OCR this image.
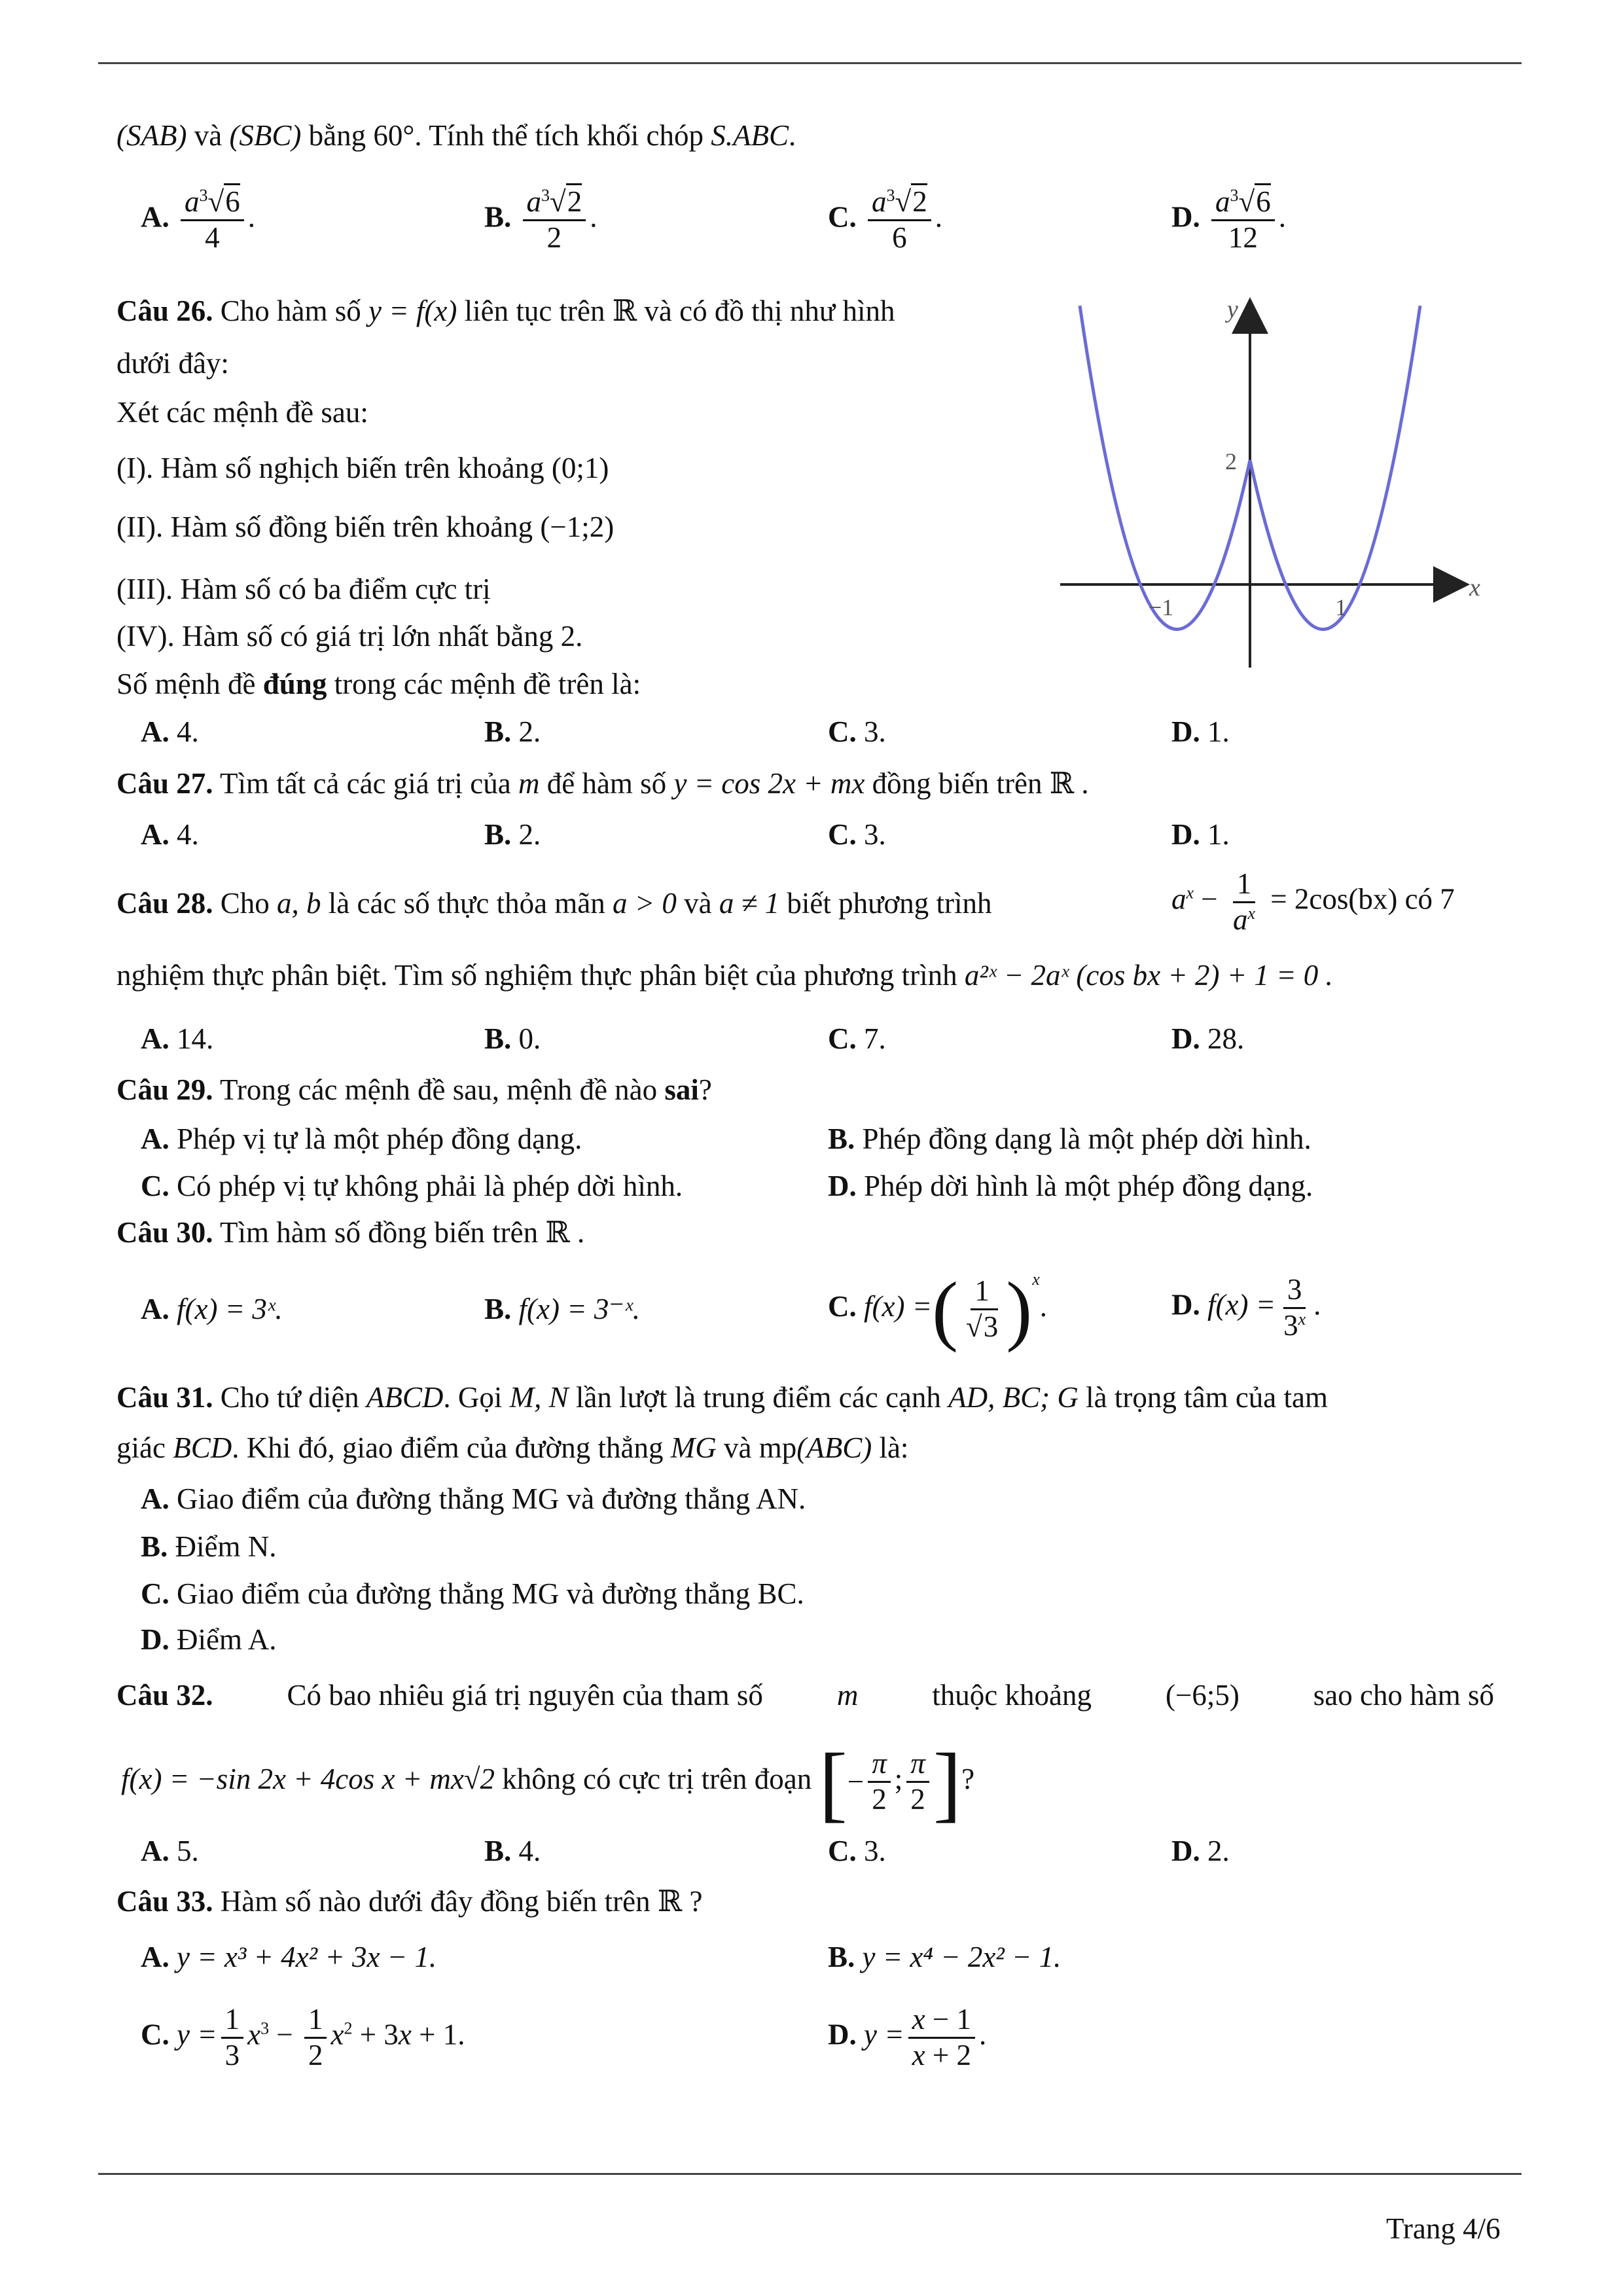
(SAB) và (SBC) bằng 60°. Tính thể tích khối chóp S.ABC.
A. $\frac{a^3√6}{4}$ .	B. $\frac{a^3√2}{2}$ .	C. $\frac{a^3√2}{6}$ .	D. $\frac{a^3√6}{12}$ .
Câu 26. Cho hàm số y = f(x) liên tục trên ℝ và có đồ thị như hình
dưới đây:
Xét các mệnh đề sau:
(I). Hàm số nghịch biến trên khoảng (0;1)
(II). Hàm số đồng biến trên khoảng (−1;2)
(III). Hàm số có ba điểm cực trị
(IV). Hàm số có giá trị lớn nhất bằng 2.
Số mệnh đề đúng trong các mệnh đề trên là:
y
x
2
−1	1
A. 4.	B. 2.	C. 3.	D. 1.
Câu 27. Tìm tất cả các giá trị của m để hàm số y = cos 2x + mx đồng biến trên ℝ .
A. 4.	B. 2.	C. 3.	D. 1.
Câu 28. Cho a, b là các số thực thỏa mãn a > 0 và a ≠ 1 biết phương trình	$a^x - \frac{1}{a^x} = 2\cos(bx)$ có 7
nghiệm thực phân biệt. Tìm số nghiệm thực phân biệt của phương trình a²ˣ − 2aˣ (cos bx + 2) + 1 = 0 .
A. 14.	B. 0.	C. 7.	D. 28.
Câu 29. Trong các mệnh đề sau, mệnh đề nào sai?
A. Phép vị tự là một phép đồng dạng.	B. Phép đồng dạng là một phép dời hình.
C. Có phép vị tự không phải là phép dời hình.	D. Phép dời hình là một phép đồng dạng.
Câu 30. Tìm hàm số đồng biến trên ℝ .
A. f(x) = 3ˣ.	B. f(x) = 3⁻ˣ.	C. f(x) =( $\frac{1}{√3} )^x$.	D. $f(x) = \frac{3}{3^x}$ .
Câu 31. Cho tứ diện ABCD. Gọi M, N lần lượt là trung điểm các cạnh AD, BC; G là trọng tâm của tam
giác BCD. Khi đó, giao điểm của đường thẳng MG và mp(ABC) là:
A. Giao điểm của đường thẳng MG và đường thẳng AN.
B. Điểm N.
C. Giao điểm của đường thẳng MG và đường thẳng BC.
D. Điểm A.
Câu 32.	Có bao nhiêu giá trị nguyên của tham số	m	thuộc khoảng	(−6;5)	sao cho hàm số
f(x) = −sin 2x + 4cos x + mx√2 không có cực trị trên đoạn [− $\frac{\pi}{2}$ ; $\frac{\pi}{2}$ ]?
A. 5.	B. 4.	C. 3.	D. 2.
Câu 33. Hàm số nào dưới đây đồng biến trên ℝ ?
A. y = x³ + 4x² + 3x − 1.	B. y = x⁴ − 2x² − 1.
C. $y = \frac{1}{3} x^3 - \frac{1}{2} x^2 + 3x + 1$.	D. $y = \frac{x - 1}{x + 2}$ .
Trang 4/6
